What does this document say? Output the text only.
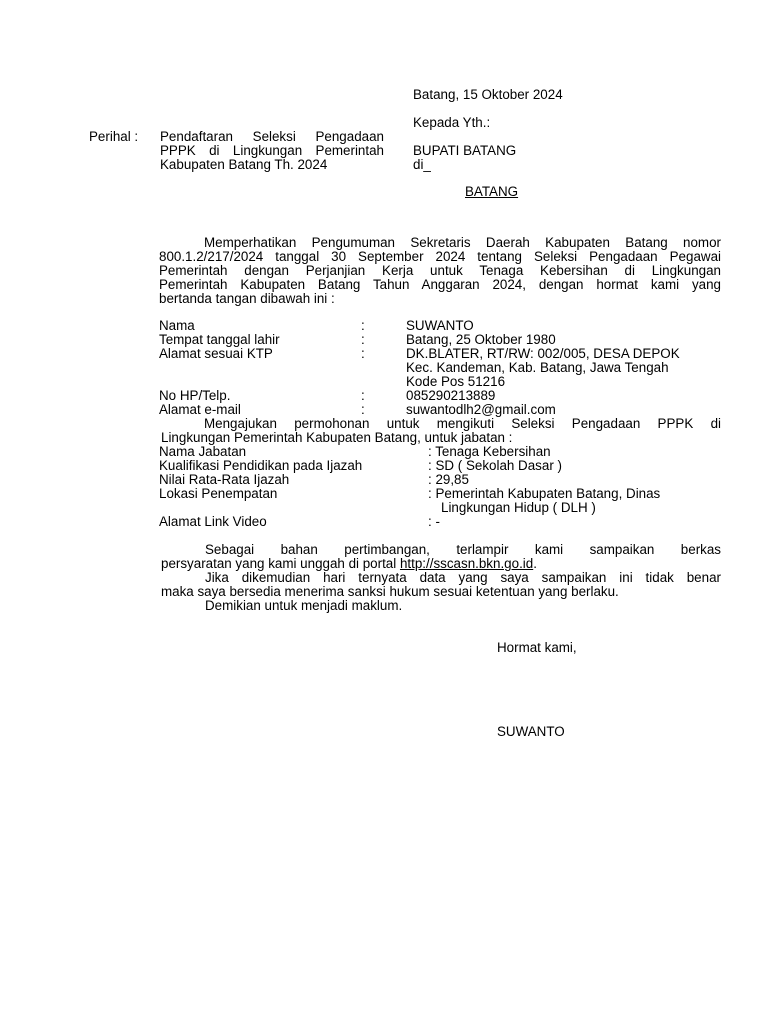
Batang, 15 Oktober 2024
Kepada Yth.:
BUPATI BATANG
di_
BATANG
Perihal : Pendaftaran Seleksi Pengadaan
PPPK di Lingkungan Pemerintah
Kabupaten Batang Th. 2024
Memperhatikan Pengumuman Sekretaris Daerah Kabupaten Batang nomor
800.1.2/217/2024 tanggal 30 September 2024 tentang Seleksi Pengadaan Pegawai
Pemerintah dengan Perjanjian Kerja untuk Tenaga Kebersihan di Lingkungan
Pemerintah Kabupaten Batang Tahun Anggaran 2024, dengan hormat kami yang
bertanda tangan dibawah ini :
Nama	:	SUWANTO
Tempat tanggal lahir	:	Batang, 25 Oktober 1980
Alamat sesuai KTP	:	DK.BLATER, RT/RW: 002/005, DESA DEPOK
Kec. Kandeman, Kab. Batang, Jawa Tengah
Kode Pos 51216
No HP/Telp.	:	085290213889
Alamat e-mail	:	suwantodlh2@gmail.com
Mengajukan permohonan untuk mengikuti Seleksi Pengadaan PPPK di
Lingkungan Pemerintah Kabupaten Batang, untuk jabatan :
Nama Jabatan	: Tenaga Kebersihan
Kualifikasi Pendidikan pada Ijazah	: SD ( Sekolah Dasar )
Nilai Rata-Rata Ijazah	: 29,85
Lokasi Penempatan	: Pemerintah Kabupaten Batang, Dinas
Lingkungan Hidup ( DLH )
Alamat Link Video	: -
Sebagai bahan pertimbangan, terlampir kami sampaikan berkas
persyaratan yang kami unggah di portal http://sscasn.bkn.go.id.
Jika dikemudian hari ternyata data yang saya sampaikan ini tidak benar
maka saya bersedia menerima sanksi hukum sesuai ketentuan yang berlaku.
Demikian untuk menjadi maklum.
Hormat kami,
SUWANTO
